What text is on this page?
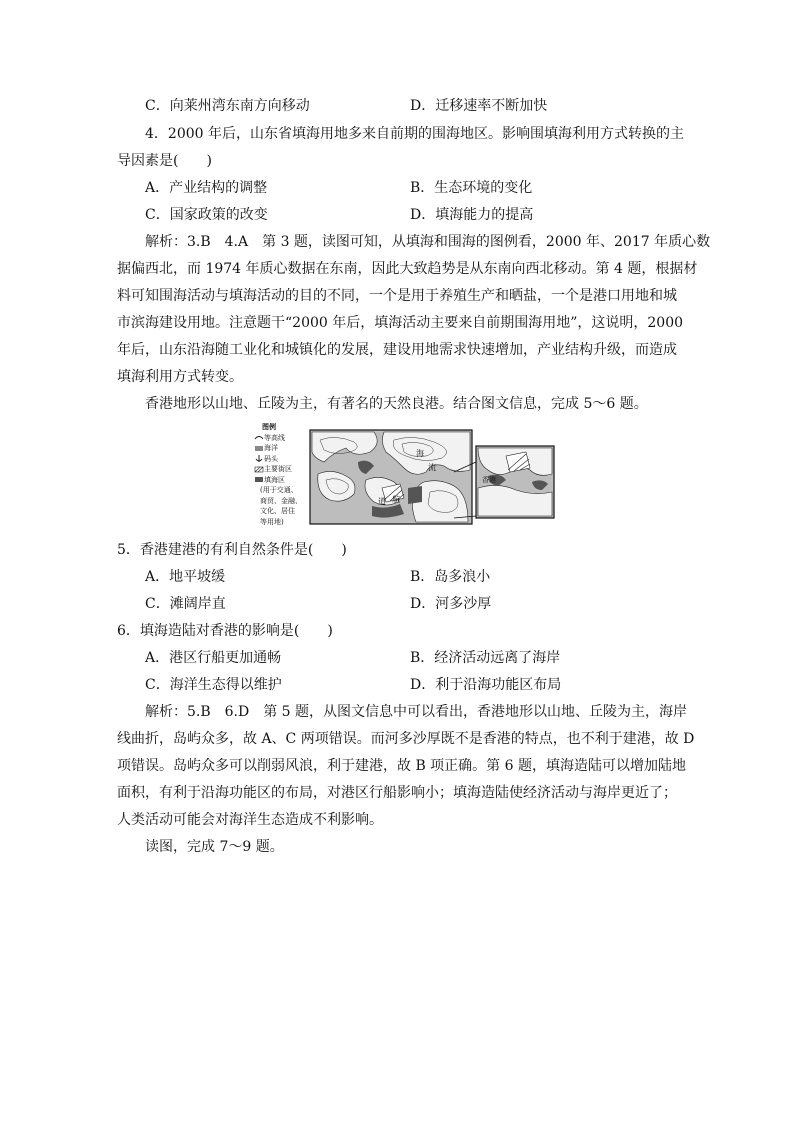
C．向莱州湾东南方向移动	D．迁移速率不断加快
4．2000 年后，山东省填海用地多来自前期的围海地区。影响围填海利用方式转换的主
导因素是(　　)
A．产业结构的调整	B．生态环境的变化
C．国家政策的改变	D．填海能力的提高
解析：3.B　4.A　第 3 题，读图可知，从填海和围海的图例看，2000 年、2017 年质心数
据偏西北，而 1974 年质心数据在东南，因此大致趋势是从东南向西北移动。第 4 题，根据材
料可知围海活动与填海活动的目的不同，一个是用于养殖生产和晒盐，一个是港口用地和城
市滨海建设用地。注意题干“2000 年后，填海活动主要来自前期围海用地”，这说明，2000
年后，山东沿海随工业化和城镇化的发展，建设用地需求快速增加，产业结构升级，而造成
填海利用方式转变。
香港地形以山地、丘陵为主，有著名的天然良港。结合图文信息，完成 5～6 题。
图例
等高线
海洋
码头
主要街区
填海区
(用于交通、
商贸、金融、
文化、居住
等用地)
海
流
航
道
香港
5．香港建港的有利自然条件是(　　)
A．地平坡缓	B．岛多浪小
C．滩阔岸直	D．河多沙厚
6．填海造陆对香港的影响是(　　)
A．港区行船更加通畅	B．经济活动远离了海岸
C．海洋生态得以维护	D．利于沿海功能区布局
解析：5.B　6.D　第 5 题，从图文信息中可以看出，香港地形以山地、丘陵为主，海岸
线曲折，岛屿众多，故 A、C 两项错误。而河多沙厚既不是香港的特点，也不利于建港，故 D
项错误。岛屿众多可以削弱风浪，利于建港，故 B 项正确。第 6 题，填海造陆可以增加陆地
面积，有利于沿海功能区的布局，对港区行船影响小；填海造陆使经济活动与海岸更近了；
人类活动可能会对海洋生态造成不利影响。
读图，完成 7～9 题。
